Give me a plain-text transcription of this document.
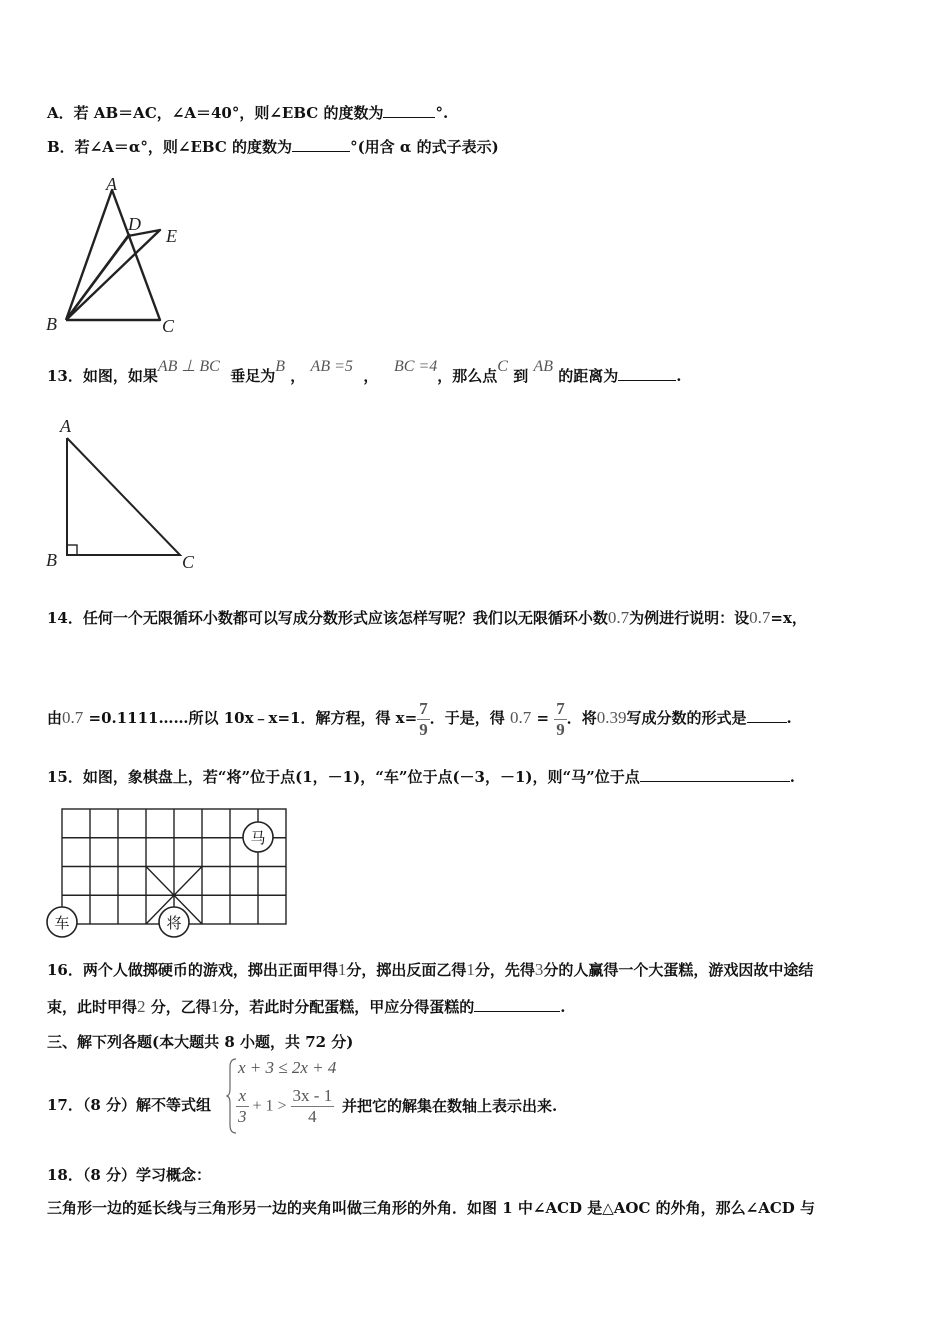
A．若 AB＝AC，∠A＝40°，则∠EBC 的度数为	°.
B．若∠A＝α°，则∠EBC 的度数为	°(用含 α 的式子表示)
A
D
E
B	C
13．如图，如果AB ⊥ BC  垂足为B ， AB =5  ，   BC =4，那么点C 到 AB 的距离为	.
A
B	C
14．任何一个无限循环小数都可以写成分数形式应该怎样写呢？我们以无限循环小数0.7为例进行说明：设0.7=x，
由0.7 =0.1111……所以 10x﹣x=1．解方程，得 $x= \frac{7}{9}$ ．于是，得 $0.7 = \frac{7}{9}$ ．将0.39写成分数的形式是	.
15．如图，象棋盘上，若“将”位于点(1，－1)，“车”位于点(－3，－1)，则“马”位于点	.
马
车	将
16．两个人做掷硬币的游戏，掷出正面甲得1分，掷出反面乙得1分，先得3分的人赢得一个大蛋糕，游戏因故中途结
束，此时甲得2 分，乙得1分，若此时分配蛋糕，甲应分得蛋糕的	.
三、解下列各题(本大题共 8 小题，共 72 分)
17．（8 分）解不等式组
x + 3 ≤ 2x + 4
$\frac{x}{3} + 1 > \frac{3x - 1}{4}$ 并把它的解集在数轴上表示出来.
18．（8 分）学习概念：
三角形一边的延长线与三角形另一边的夹角叫做三角形的外角．如图 1 中∠ACD 是△AOC 的外角，那么∠ACD 与
